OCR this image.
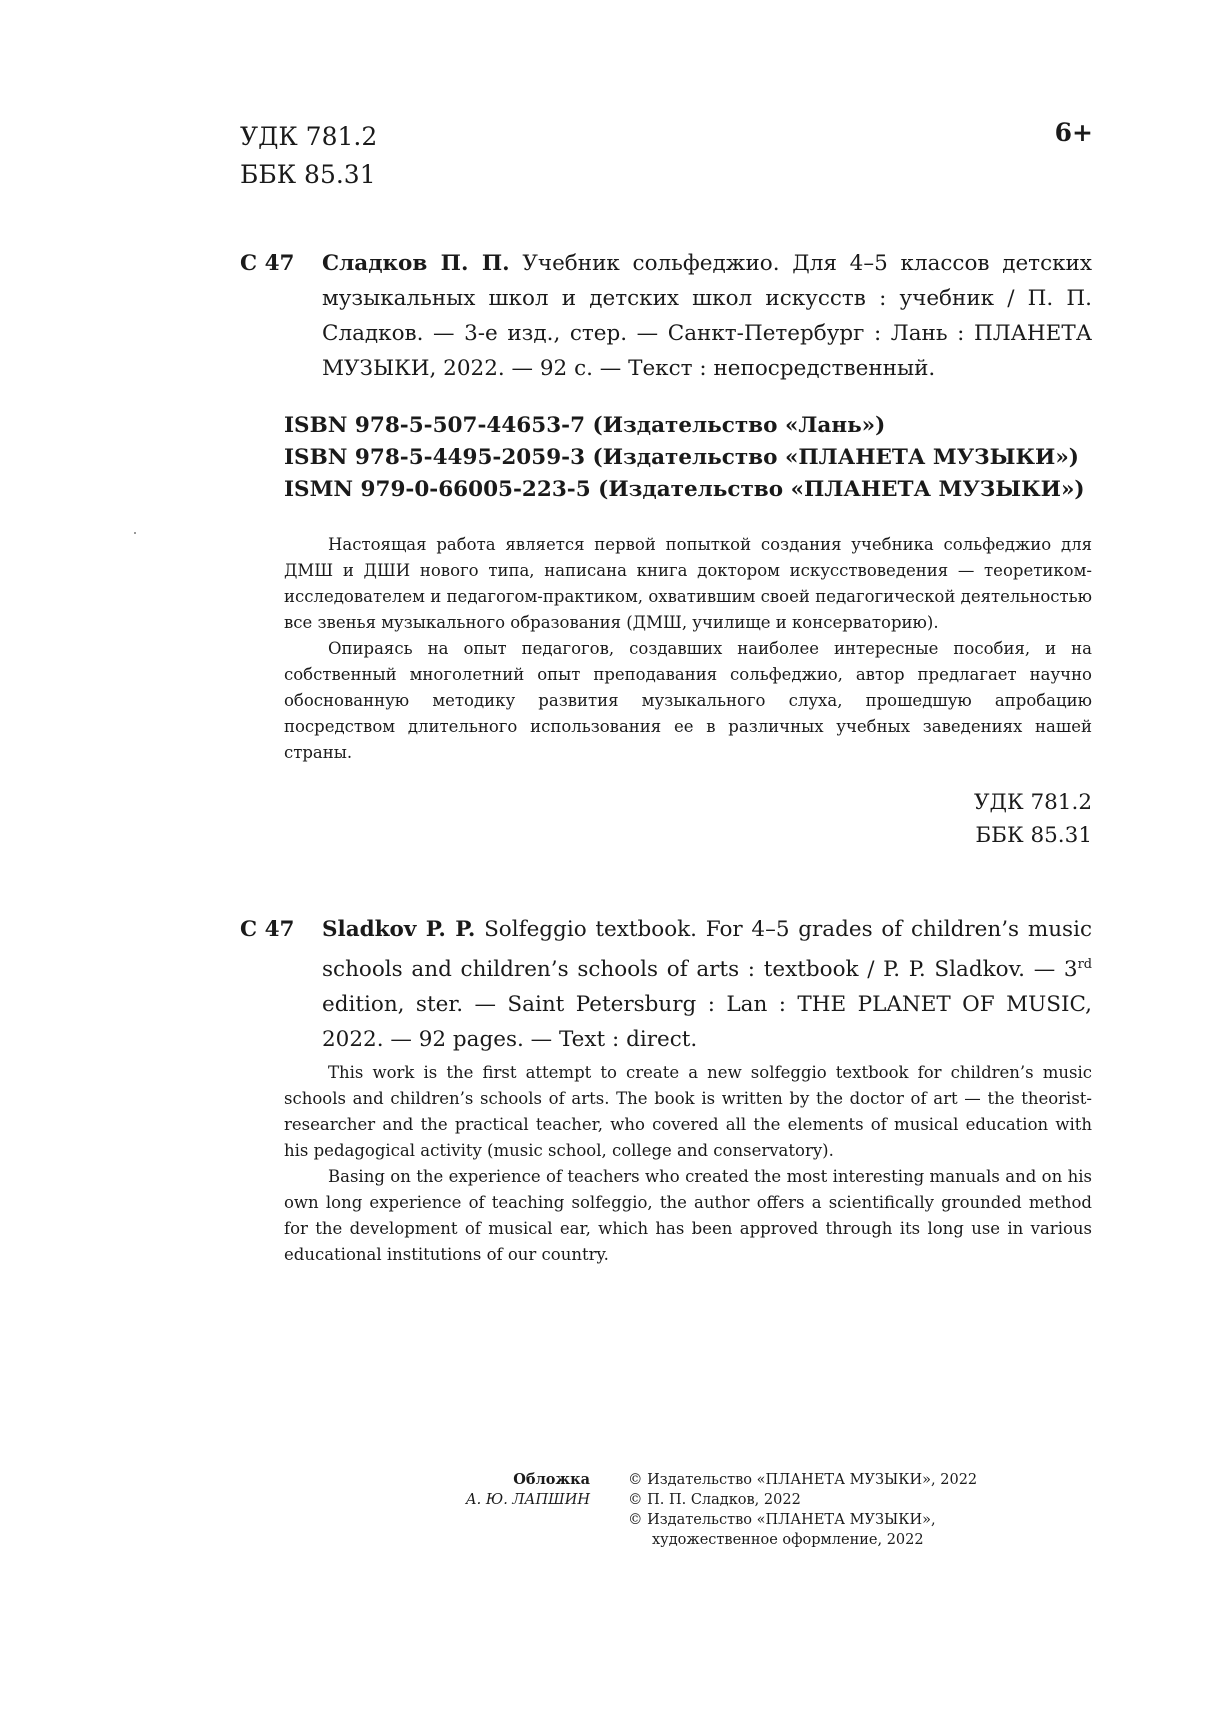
УДК 781.2
ББК 85.31
6+
С 47 Сладков П. П. Учебник сольфеджио. Для 4–5 классов детских музыкальных школ и детских школ искусств : учебник / П. П. Сладков. — 3-е изд., стер. — Санкт-Петербург : Лань : ПЛАНЕТА МУЗЫКИ, 2022. — 92 с. — Текст : непосредственный.
ISBN 978-5-507-44653-7 (Издательство «Лань»)
ISBN 978-5-4495-2059-3 (Издательство «ПЛАНЕТА МУЗЫКИ»)
ISMN 979-0-66005-223-5 (Издательство «ПЛАНЕТА МУЗЫКИ»)

Настоящая работа является первой попыткой создания учебника сольфеджио для ДМШ и ДШИ нового типа, написана книга доктором искусствоведения — теоретиком-исследователем и педагогом-практиком, охватившим своей педагогической деятельностью все звенья музыкального образования (ДМШ, училище и консерваторию).

Опираясь на опыт педагогов, создавших наиболее интересные пособия, и на собственный многолетний опыт преподавания сольфеджио, автор предлагает научно обоснованную методику развития музыкального слуха, прошедшую апробацию посредством длительного использования ее в различных учебных заведениях нашей страны.

УДК 781.2
ББК 85.31
С 47 Sladkov P. P. Solfeggio textbook. For 4–5 grades of children’s music schools and children’s schools of arts : textbook / P. P. Sladkov. — 3rd edition, ster. — Saint Petersburg : Lan : THE PLANET OF MUSIC, 2022. — 92 pages. — Text : direct.

This work is the first attempt to create a new solfeggio textbook for children’s music schools and children’s schools of arts. The book is written by the doctor of art — the theorist-researcher and the practical teacher, who covered all the elements of musical education with his pedagogical activity (music school, college and conservatory).

Basing on the experience of teachers who created the most interesting manuals and on his own long experience of teaching solfeggio, the author offers a scientifically grounded method for the development of musical ear, which has been approved through its long use in various educational institutions of our country.

Обложка
А. Ю. ЛАПШИН
© Издательство «ПЛАНЕТА МУЗЫКИ», 2022
© П. П. Сладков, 2022
© Издательство «ПЛАНЕТА МУЗЫКИ»,
художественное оформление, 2022
